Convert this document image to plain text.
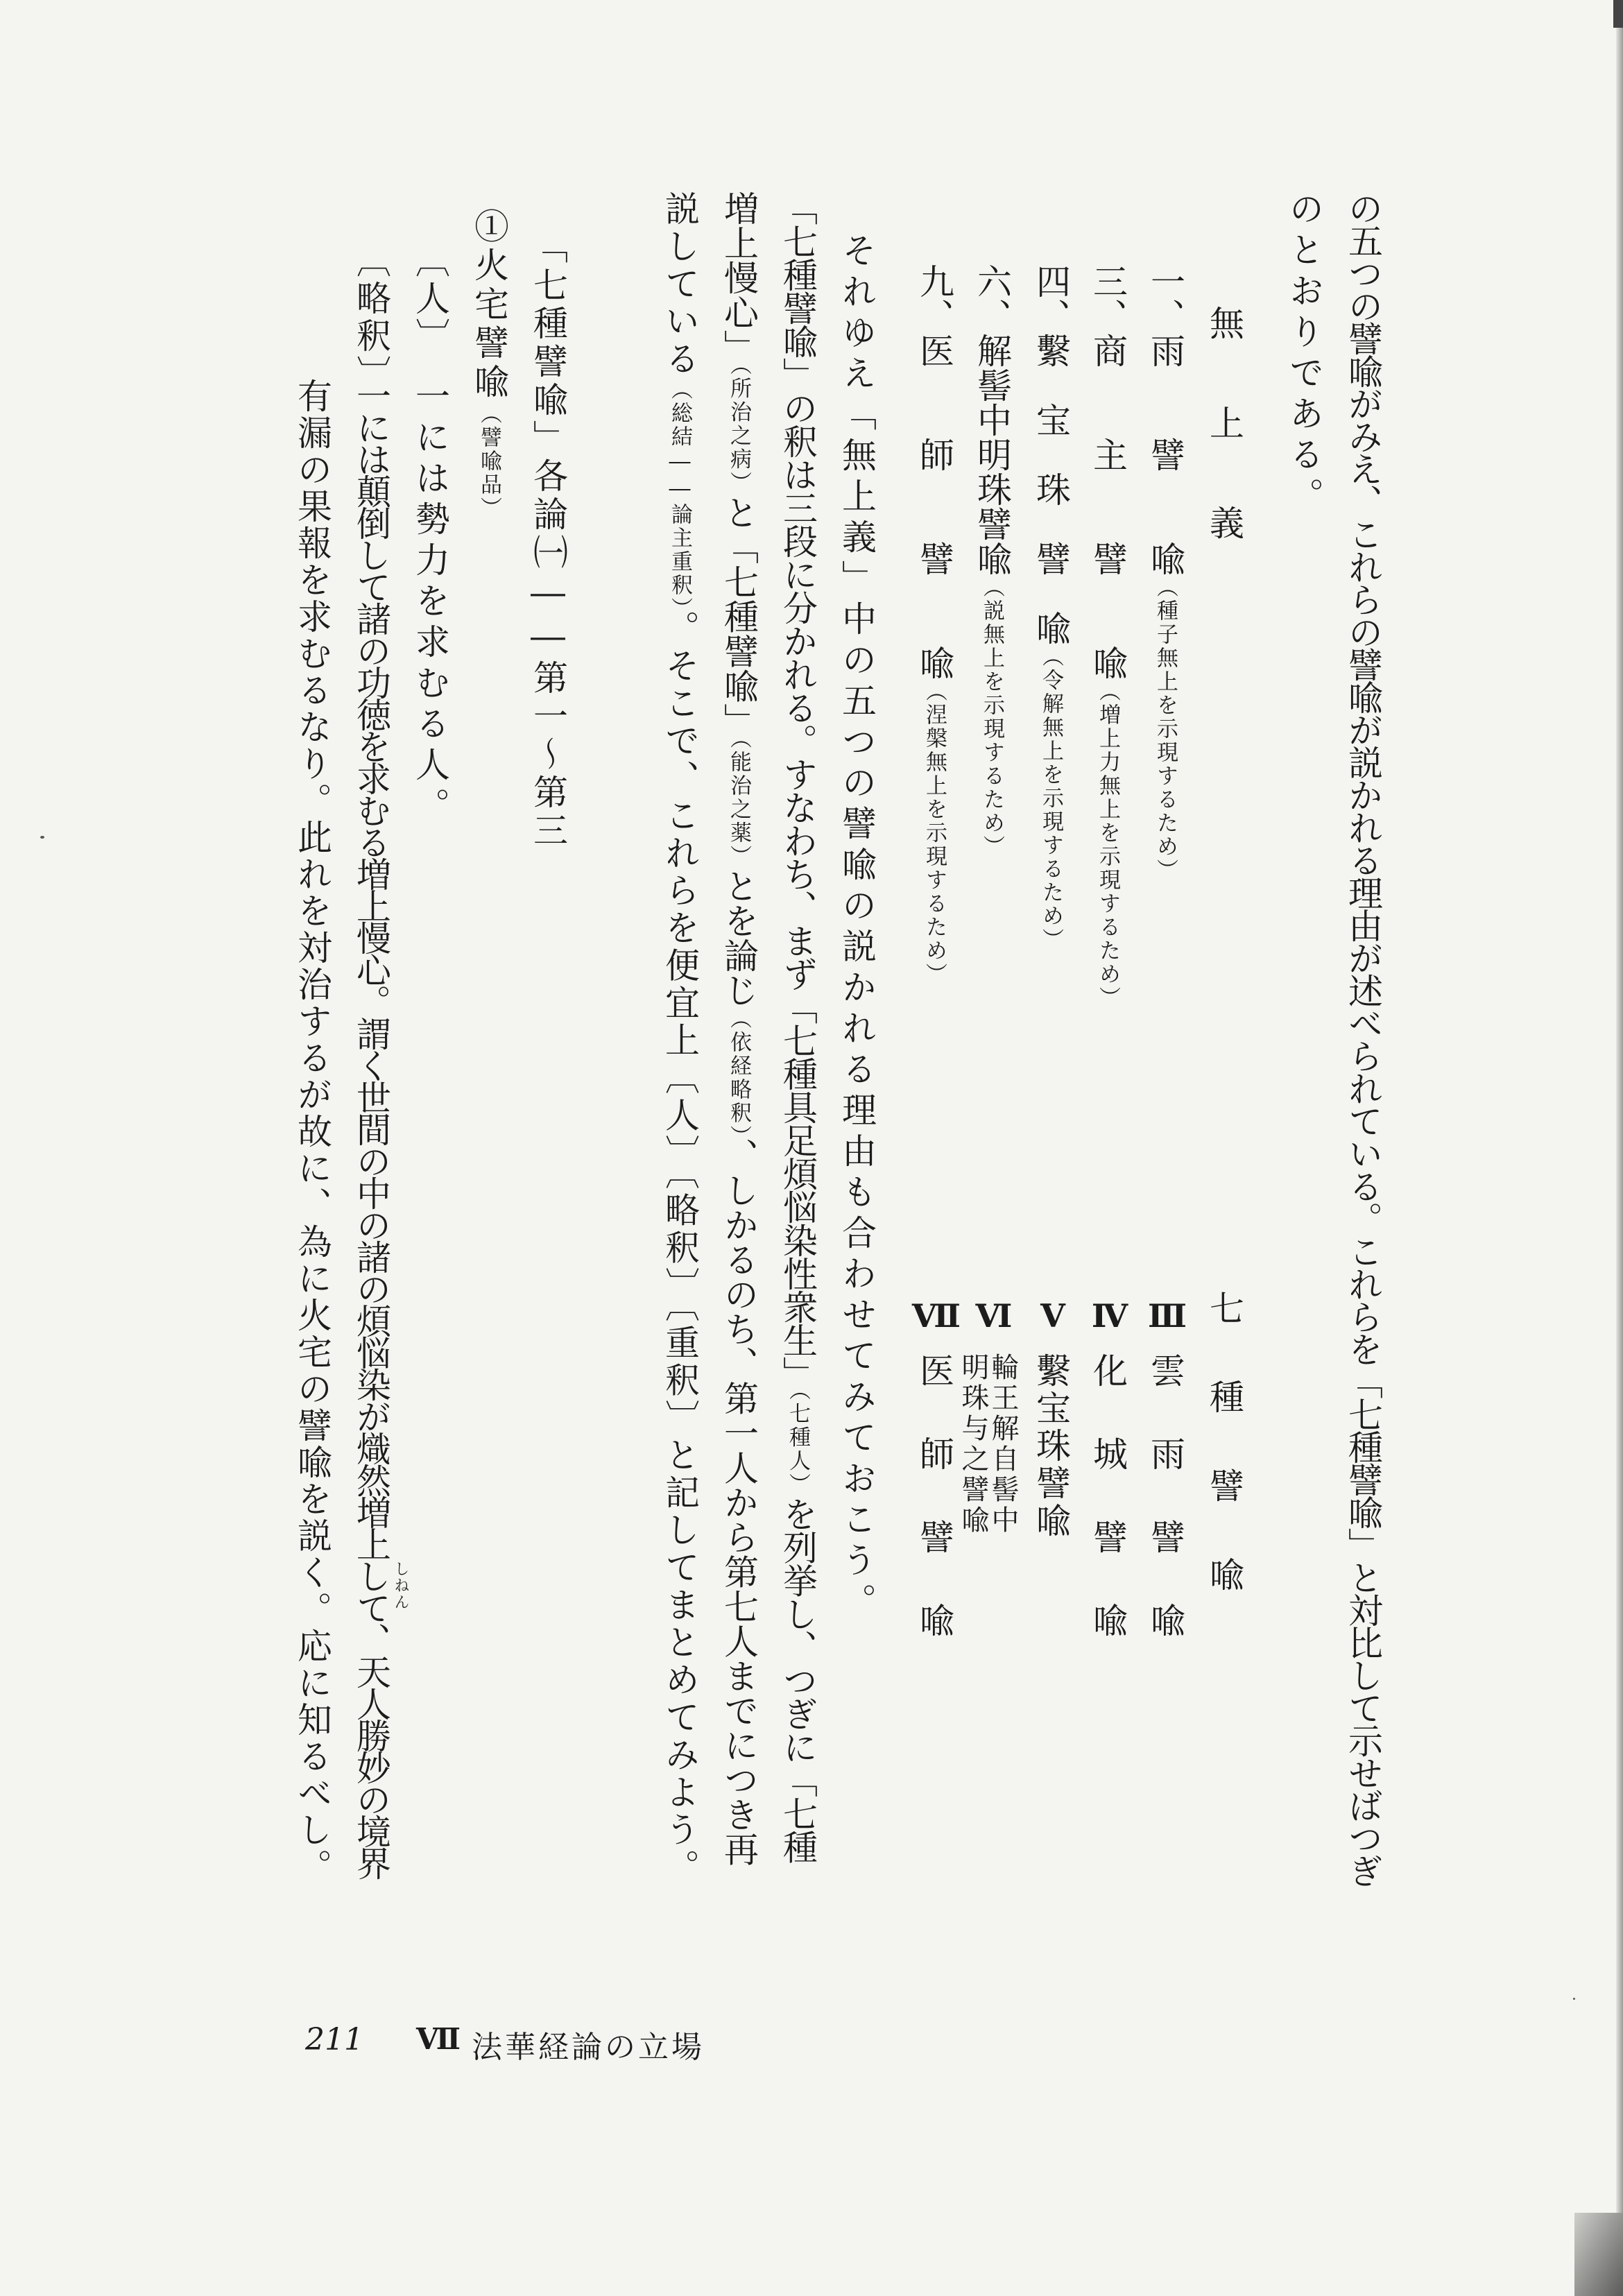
の五つの譬喩がみえ、これらの譬喩が説かれる理由が述べられている。これらを「七種譬喩」と対比して示せばつぎ
のとおりである。
無　上　義
七　種　譬　喩
一、雨　　譬　　喩（種子無上を示現するため）
三、商　　主　　譬　　喩（増上力無上を示現するため）
四、繫　宝　珠　譬　喩（令解無上を示現するため）
六、解髻中明珠譬喩（説無上を示現するため）
九、医　　師　　譬　　喩（涅槃無上を示現するため）
Ⅲ
雲　雨　譬　喩
Ⅳ
化　城　譬　喩
Ⅴ
繫宝珠譬喩
Ⅵ
輪王解自髻中
明珠与之譬喩
Ⅶ
医　師　譬　喩
それゆえ「無上義」中の五つの譬喩の説かれる理由も合わせてみておこう。
「七種譬喩」の釈は三段に分かれる。すなわち、まず「七種具足煩悩染性衆生」（七種人）を列挙し、つぎに「七種
増上慢心」（所治之病）と「七種譬喩」（能治之薬）とを論じ（依経略釈）、しかるのち、第一人から第七人までにつき再
説している（総結――論主重釈）。そこで、これらを便宜上〔人〕〔略釈〕〔重釈〕と記してまとめてみよう。
「七種譬喩」各論㈠――第一〜第三
①火宅譬喩（譬喩品）
〔人〕
一には勢力を求むる人。
〔略釈〕
一には顛倒して諸の功徳を求むる増上慢心。謂く世間の中の諸の煩悩染が熾然増上して、天人勝妙の境界 しねん
有漏の果報を求むるなり。此れを対治するが故に、為に火宅の譬喩を説く。応に知るべし。
211 Ⅶ 法華経論の立場
